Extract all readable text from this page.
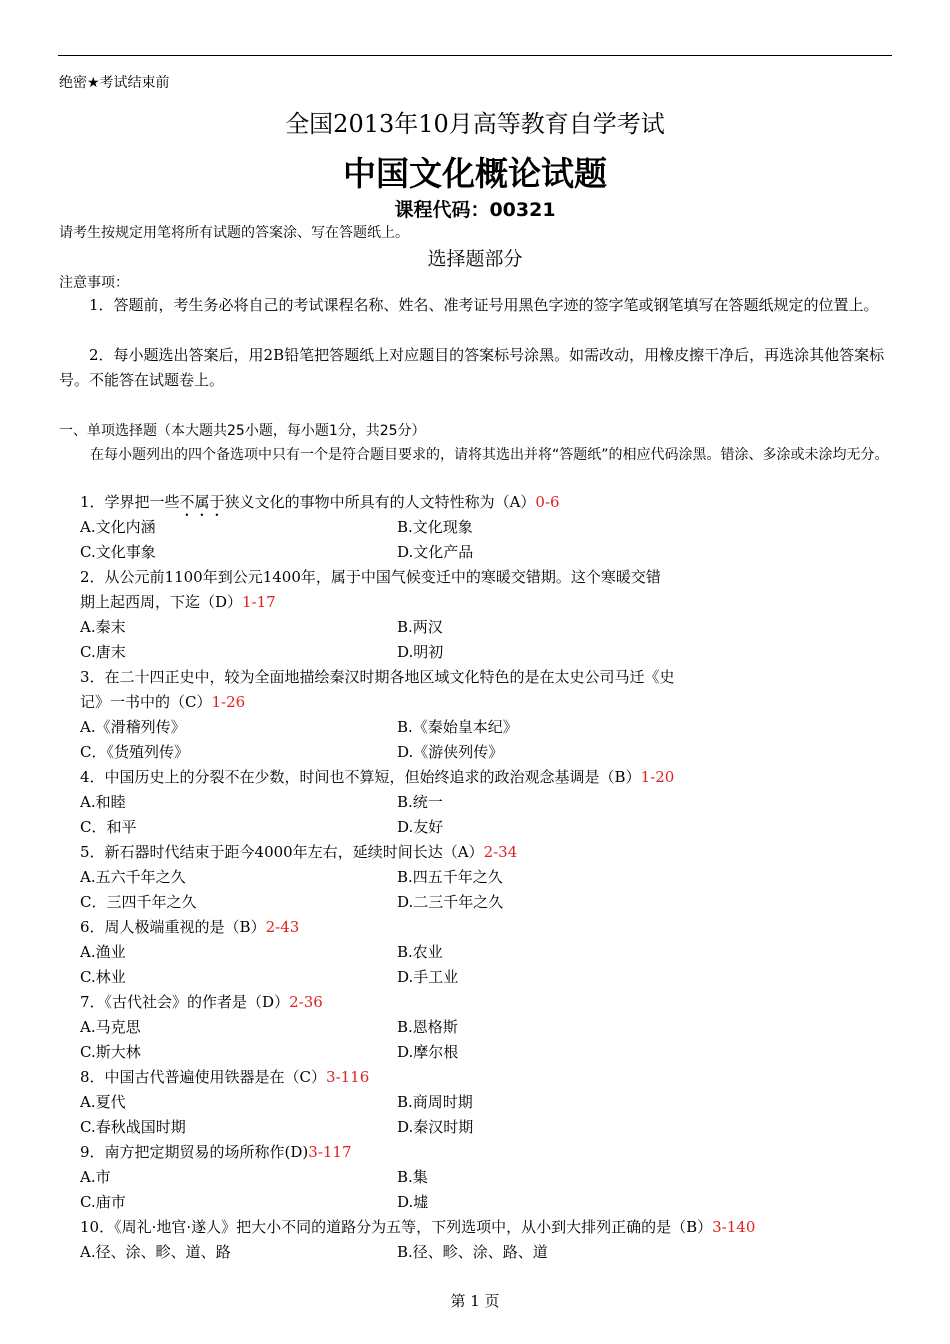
绝密★考试结束前
全国2013年10月高等教育自学考试
中国文化概论试题
课程代码：00321
请考生按规定用笔将所有试题的答案涂、写在答题纸上。
选择题部分
注意事项：
1．答题前，考生务必将自己的考试课程名称、姓名、准考证号用黑色字迹的签字笔或钢笔填写在答题纸规定的位置上。
2．每小题选出答案后，用2B铅笔把答题纸上对应题目的答案标号涂黑。如需改动，用橡皮擦干净后，再选涂其他答案标号。不能答在试题卷上。
一、单项选择题（本大题共25小题，每小题1分，共25分）
在每小题列出的四个备选项中只有一个是符合题目要求的，请将其选出并将“答题纸”的相应代码涂黑。错涂、多涂或未涂均无分。
1．学界把一些不属于狭义文化的事物中所具有的人文特性称为（A）0-6
A.文化内涵	B.文化现象
C.文化事象	D.文化产品
2．从公元前1100年到公元1400年，属于中国气候变迁中的寒暖交错期。这个寒暖交错
期上起西周，下迄（D）1-17
A.秦末	B.两汉
C.唐末	D.明初
3．在二十四正史中，较为全面地描绘秦汉时期各地区域文化特色的是在太史公司马迁《史
记》一书中的（C）1-26
A.《滑稽列传》	B.《秦始皇本纪》
C．《货殖列传》	D.《游侠列传》
4．中国历史上的分裂不在少数，时间也不算短，但始终追求的政治观念基调是（B）1-20
A.和睦	B.统一
C．和平	D.友好
5．新石器时代结束于距今4000年左右，延续时间长达（A）2-34
A.五六千年之久	B.四五千年之久
C．三四千年之久	D.二三千年之久
6．周人极端重视的是（B）2-43
A.渔业	B.农业
C.林业	D.手工业
7．《古代社会》的作者是（D）2-36
A.马克思	B.恩格斯
C.斯大林	D.摩尔根
8．中国古代普遍使用铁器是在（C）3-116
A.夏代	B.商周时期
C.春秋战国时期	D.秦汉时期
9．南方把定期贸易的场所称作(D)3-117
A.市	B.集
C.庙市	D.墟
10．《周礼·地官·遂人》把大小不同的道路分为五等，下列选项中，从小到大排列正确的是（B）3-140
A.径、涂、畛、道、路	B.径、畛、涂、路、道
第 1 页
